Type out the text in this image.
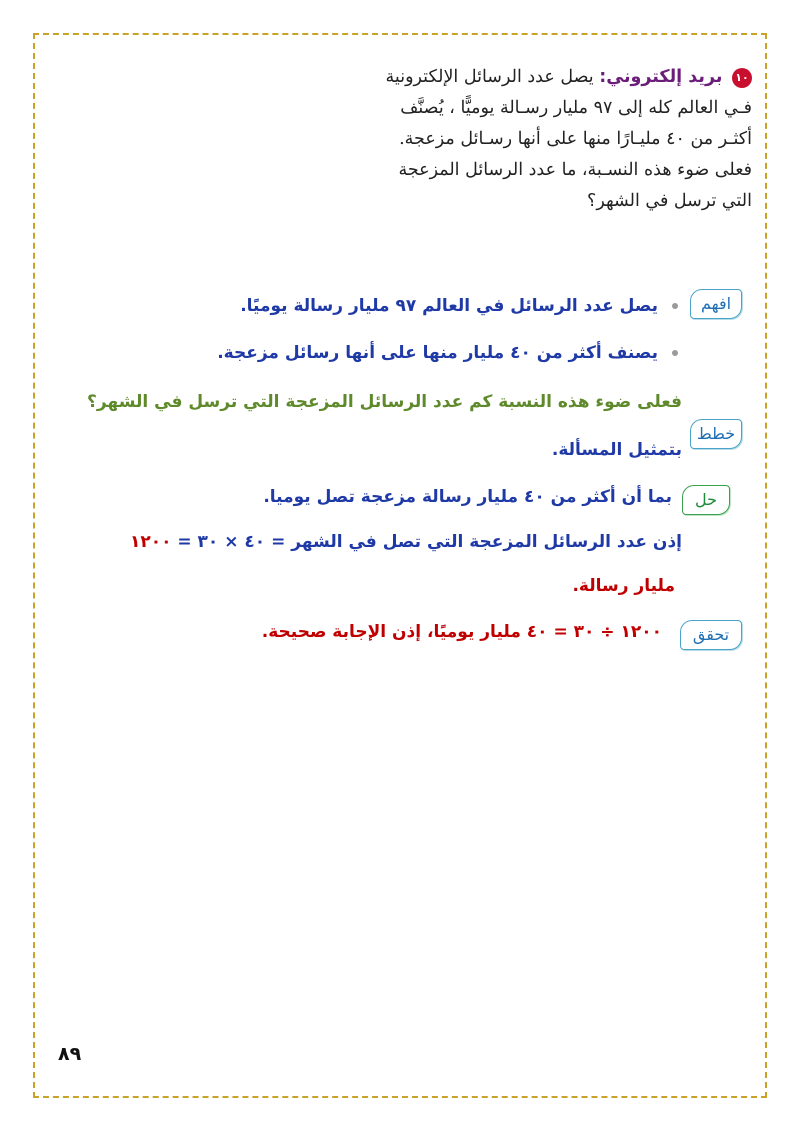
١٠ بريد إلكتروني: يصل عدد الرسائل الإلكترونية
فـي العالم كله إلى ٩٧ مليار رسـالة يوميًّا ، يُصنَّف
أكثـر من ٤٠ مليـارًا منها على أنها رسـائل مزعجة.
فعلى ضوء هذه النسـبة، ما عدد الرسائل المزعجة
التي ترسل في الشهر؟
افهم
يصل عدد الرسائل في العالم ٩٧ مليار رسالة يوميًا.
يصنف أكثر من ٤٠ مليار منها على أنها رسائل مزعجة.
فعلى ضوء هذه النسبة كم عدد الرسائل المزعجة التي ترسل في الشهر؟
خطط
بتمثيل المسألة.
حل
بما أن أكثر من ٤٠ مليار رسالة مزعجة تصل يوميا.
إذن عدد الرسائل المزعجة التي تصل في الشهر = ٤٠ × ٣٠ = ١٢٠٠
مليار رسالة.
تحقق
١٢٠٠ ÷ ٣٠ = ٤٠ مليار يوميًا، إذن الإجابة صحيحة.
٨٩
